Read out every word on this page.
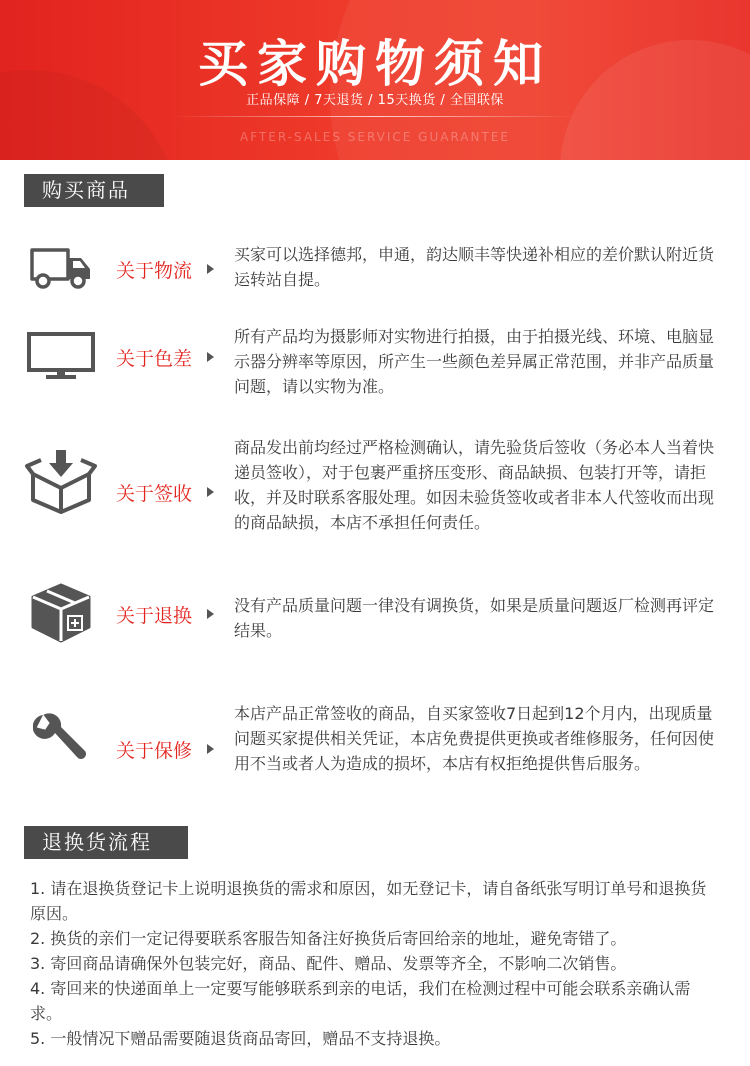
买家购物须知
正品保障 / 7天退货 / 15天换货 / 全国联保
AFTER-SALES SERVICE GUARANTEE
购买商品
关于物流
买家可以选择德邦，申通，韵达顺丰等快递补相应的差价默认附近货运转站自提。
关于色差
所有产品均为摄影师对实物进行拍摄，由于拍摄光线、环境、电脑显示器分辨率等原因，所产生一些颜色差异属正常范围，并非产品质量问题，请以实物为准。
关于签收
商品发出前均经过严格检测确认，请先验货后签收（务必本人当着快递员签收），对于包裹严重挤压变形、商品缺损、包装打开等，请拒收，并及时联系客服处理。如因未验货签收或者非本人代签收而出现的商品缺损，本店不承担任何责任。
关于退换	没有产品质量问题一律没有调换货，如果是质量问题返厂检测再评定结果。
关于保修
本店产品正常签收的商品，自买家签收7日起到12个月内，出现质量问题买家提供相关凭证，本店免费提供更换或者维修服务，任何因使用不当或者人为造成的损坏，本店有权拒绝提供售后服务。
退换货流程
1. 请在退换货登记卡上说明退换货的需求和原因，如无登记卡，请自备纸张写明订单号和退换货原因。
2. 换货的亲们一定记得要联系客服告知备注好换货后寄回给亲的地址，避免寄错了。
3. 寄回商品请确保外包装完好，商品、配件、赠品、发票等齐全，不影响二次销售。
4. 寄回来的快递面单上一定要写能够联系到亲的电话，我们在检测过程中可能会联系亲确认需求。
5. 一般情况下赠品需要随退货商品寄回，赠品不支持退换。
